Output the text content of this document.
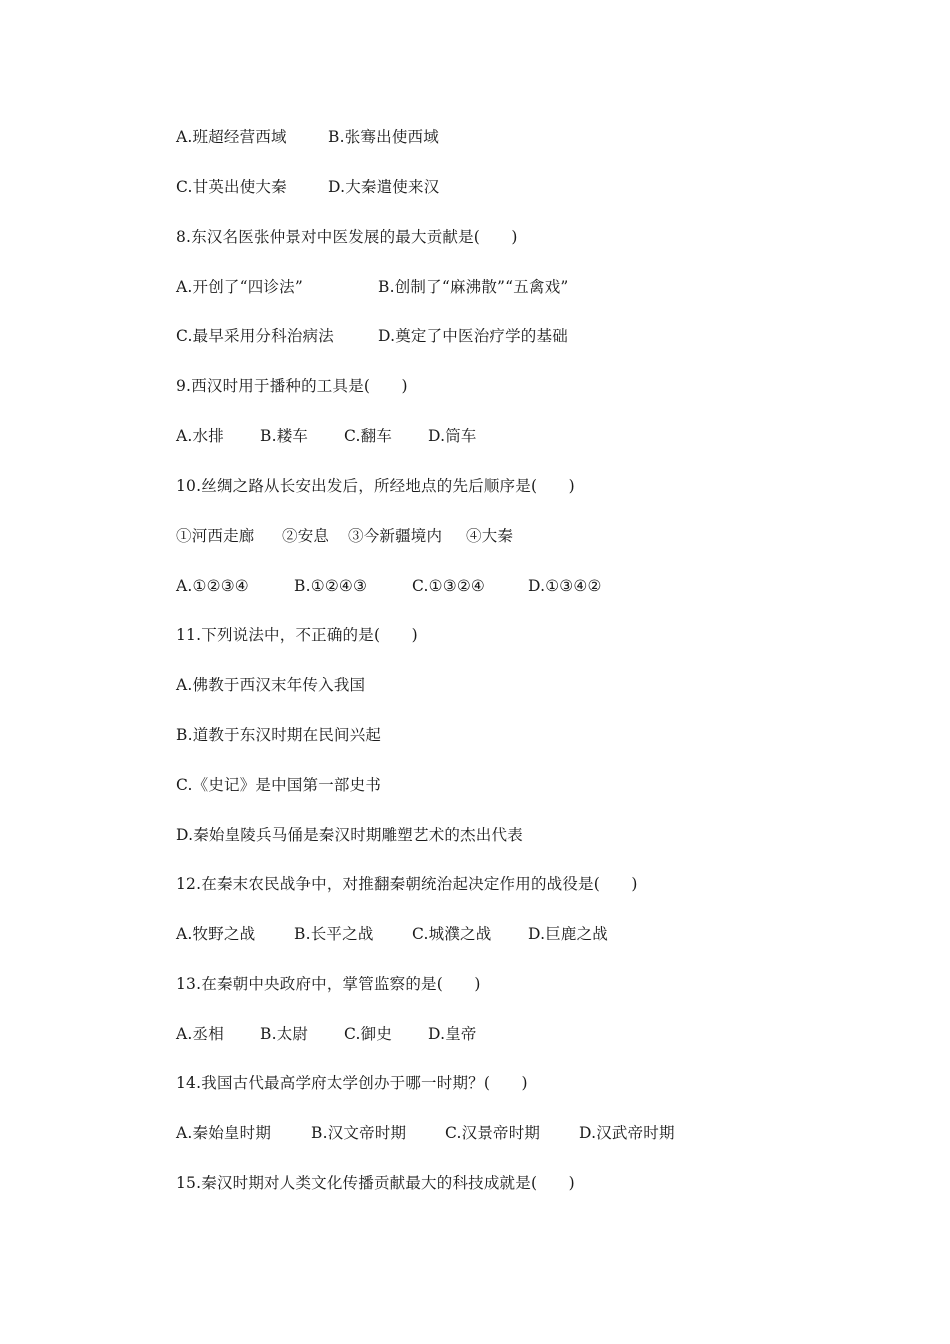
A.班超经营西域

	B.张骞出使西域

C.甘英出使大秦

	D.大秦遣使来汉

8.东汉名医张仲景对中医发展的最大贡献是(　　)

A.开创了“四诊法”

	B.创制了“麻沸散”“五禽戏”

C.最早采用分科治病法

	D.奠定了中医治疗学的基础

9.西汉时用于播种的工具是(　　)

A.水排

B.耧车

C.翻车

D.筒车

10.丝绸之路从长安出发后，所经地点的先后顺序是(　　)

①河西走廊

②安息

③今新疆境内

④大秦

A.①②③④

	B.①②④③

	C.①③②④

	D.①③④②

11.下列说法中，不正确的是(　　)
A.佛教于西汉末年传入我国
B.道教于东汉时期在民间兴起
C.《史记》是中国第一部史书
D.秦始皇陵兵马俑是秦汉时期雕塑艺术的杰出代表
12.在秦末农民战争中，对推翻秦朝统治起决定作用的战役是(　　)

A.牧野之战

B.长平之战

C.城濮之战

D.巨鹿之战

13.在秦朝中央政府中，掌管监察的是(　　)

A.丞相

B.太尉

C.御史

D.皇帝

14.我国古代最高学府太学创办于哪一时期？(　　)

A.秦始皇时期

	B.汉文帝时期

	C.汉景帝时期

	D.汉武帝时期

15.秦汉时期对人类文化传播贡献最大的科技成就是(　　)
